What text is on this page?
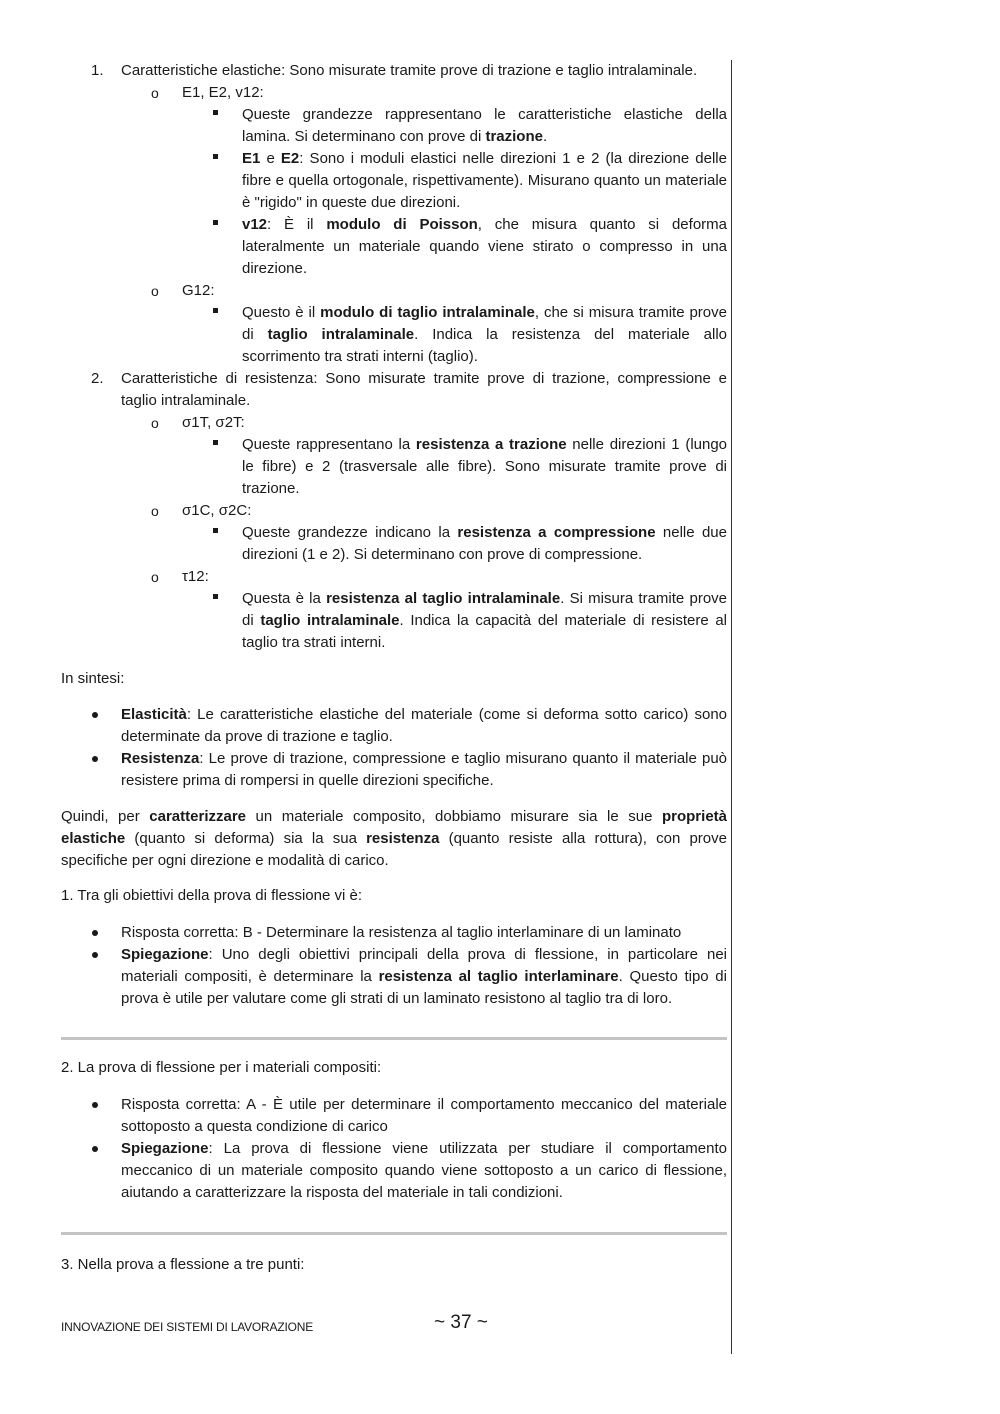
1. Caratteristiche elastiche: Sono misurate tramite prove di trazione e taglio intralaminale.

o E1, E2, v12:

Queste grandezze rappresentano le caratteristiche elastiche della lamina. Si determinano con prove di trazione.

E1 e E2: Sono i moduli elastici nelle direzioni 1 e 2 (la direzione delle fibre e quella ortogonale, rispettivamente). Misurano quanto un materiale è "rigido" in queste due direzioni.

v12: È il modulo di Poisson, che misura quanto si deforma lateralmente un materiale quando viene stirato o compresso in una direzione.

o G12:

Questo è il modulo di taglio intralaminale, che si misura tramite prove di taglio intralaminale. Indica la resistenza del materiale allo scorrimento tra strati interni (taglio).

2. Caratteristiche di resistenza: Sono misurate tramite prove di trazione, compressione e taglio intralaminale.

o σ1T, σ2T:

Queste rappresentano la resistenza a trazione nelle direzioni 1 (lungo le fibre) e 2 (trasversale alle fibre). Sono misurate tramite prove di trazione.

o σ1C, σ2C:

Queste grandezze indicano la resistenza a compressione nelle due direzioni (1 e 2). Si determinano con prove di compressione.

o τ12:

Questa è la resistenza al taglio intralaminale. Si misura tramite prove di taglio intralaminale. Indica la capacità del materiale di resistere al taglio tra strati interni.

In sintesi:

Elasticità: Le caratteristiche elastiche del materiale (come si deforma sotto carico) sono determinate da prove di trazione e taglio.

Resistenza: Le prove di trazione, compressione e taglio misurano quanto il materiale può resistere prima di rompersi in quelle direzioni specifiche.

Quindi, per caratterizzare un materiale composito, dobbiamo misurare sia le sue proprietà elastiche (quanto si deforma) sia la sua resistenza (quanto resiste alla rottura), con prove specifiche per ogni direzione e modalità di carico.

1. Tra gli obiettivi della prova di flessione vi è:

Risposta corretta: B - Determinare la resistenza al taglio interlaminare di un laminato

Spiegazione: Uno degli obiettivi principali della prova di flessione, in particolare nei materiali compositi, è determinare la resistenza al taglio interlaminare. Questo tipo di prova è utile per valutare come gli strati di un laminato resistono al taglio tra di loro.

2. La prova di flessione per i materiali compositi:

Risposta corretta: A - È utile per determinare il comportamento meccanico del materiale sottoposto a questa condizione di carico

Spiegazione: La prova di flessione viene utilizzata per studiare il comportamento meccanico di un materiale composito quando viene sottoposto a un carico di flessione, aiutando a caratterizzare la risposta del materiale in tali condizioni.

3. Nella prova a flessione a tre punti:

INNOVAZIONE DEI SISTEMI DI LAVORAZIONE	~ 37 ~
